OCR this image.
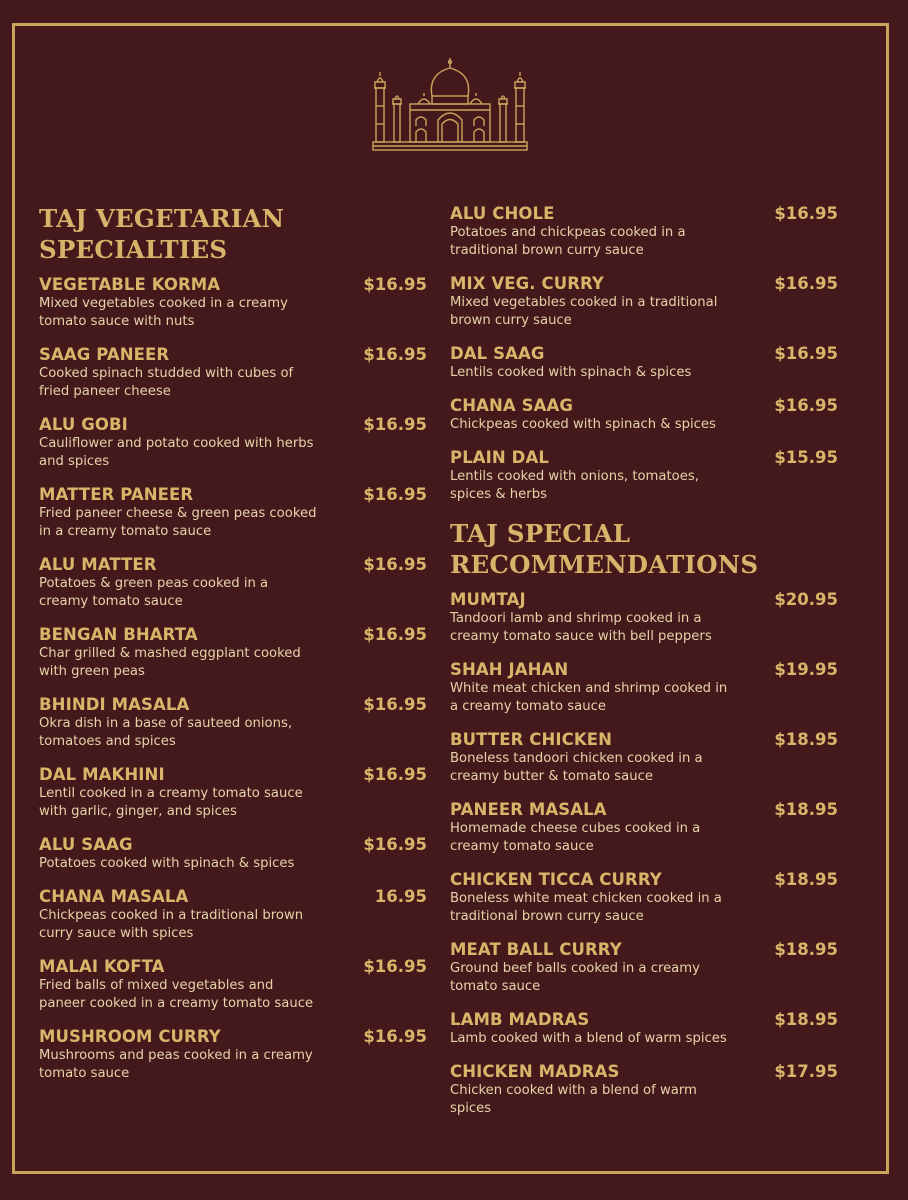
TAJ VEGETARIAN
SPECIALTIES
VEGETABLE KORMA	$16.95
Mixed vegetables cooked in a creamy tomato sauce with nuts
SAAG PANEER	$16.95
Cooked spinach studded with cubes of fried paneer cheese
ALU GOBI	$16.95
Cauliflower and potato cooked with herbs and spices
MATTER PANEER	$16.95
Fried paneer cheese & green peas cooked in a creamy tomato sauce
ALU MATTER	$16.95
Potatoes & green peas cooked in a creamy tomato sauce
BENGAN BHARTA	$16.95
Char grilled & mashed eggplant cooked with green peas
BHINDI MASALA	$16.95
Okra dish in a base of sauteed onions, tomatoes and spices
DAL MAKHINI	$16.95
Lentil cooked in a creamy tomato sauce with garlic, ginger, and spices
ALU SAAG	$16.95
Potatoes cooked with spinach & spices
CHANA MASALA	16.95
Chickpeas cooked in a traditional brown curry sauce with spices
MALAI KOFTA	$16.95
Fried balls of mixed vegetables and paneer cooked in a creamy tomato sauce
MUSHROOM CURRY	$16.95
Mushrooms and peas cooked in a creamy tomato sauce
ALU CHOLE	$16.95
Potatoes and chickpeas cooked in a traditional brown curry sauce
MIX VEG. CURRY	$16.95
Mixed vegetables cooked in a traditional brown curry sauce
DAL SAAG	$16.95
Lentils cooked with spinach & spices
CHANA SAAG	$16.95
Chickpeas cooked with spinach & spices
PLAIN DAL	$15.95
Lentils cooked with onions, tomatoes, spices & herbs
TAJ SPECIAL
RECOMMENDATIONS
MUMTAJ	$20.95
Tandoori lamb and shrimp cooked in a creamy tomato sauce with bell peppers
SHAH JAHAN	$19.95
White meat chicken and shrimp cooked in a creamy tomato sauce
BUTTER CHICKEN	$18.95
Boneless tandoori chicken cooked in a creamy butter & tomato sauce
PANEER MASALA	$18.95
Homemade cheese cubes cooked in a creamy tomato sauce
CHICKEN TICCA CURRY	$18.95
Boneless white meat chicken cooked in a traditional brown curry sauce
MEAT BALL CURRY	$18.95
Ground beef balls cooked in a creamy tomato sauce
LAMB MADRAS	$18.95
Lamb cooked with a blend of warm spices
CHICKEN MADRAS	$17.95
Chicken cooked with a blend of warm spices
